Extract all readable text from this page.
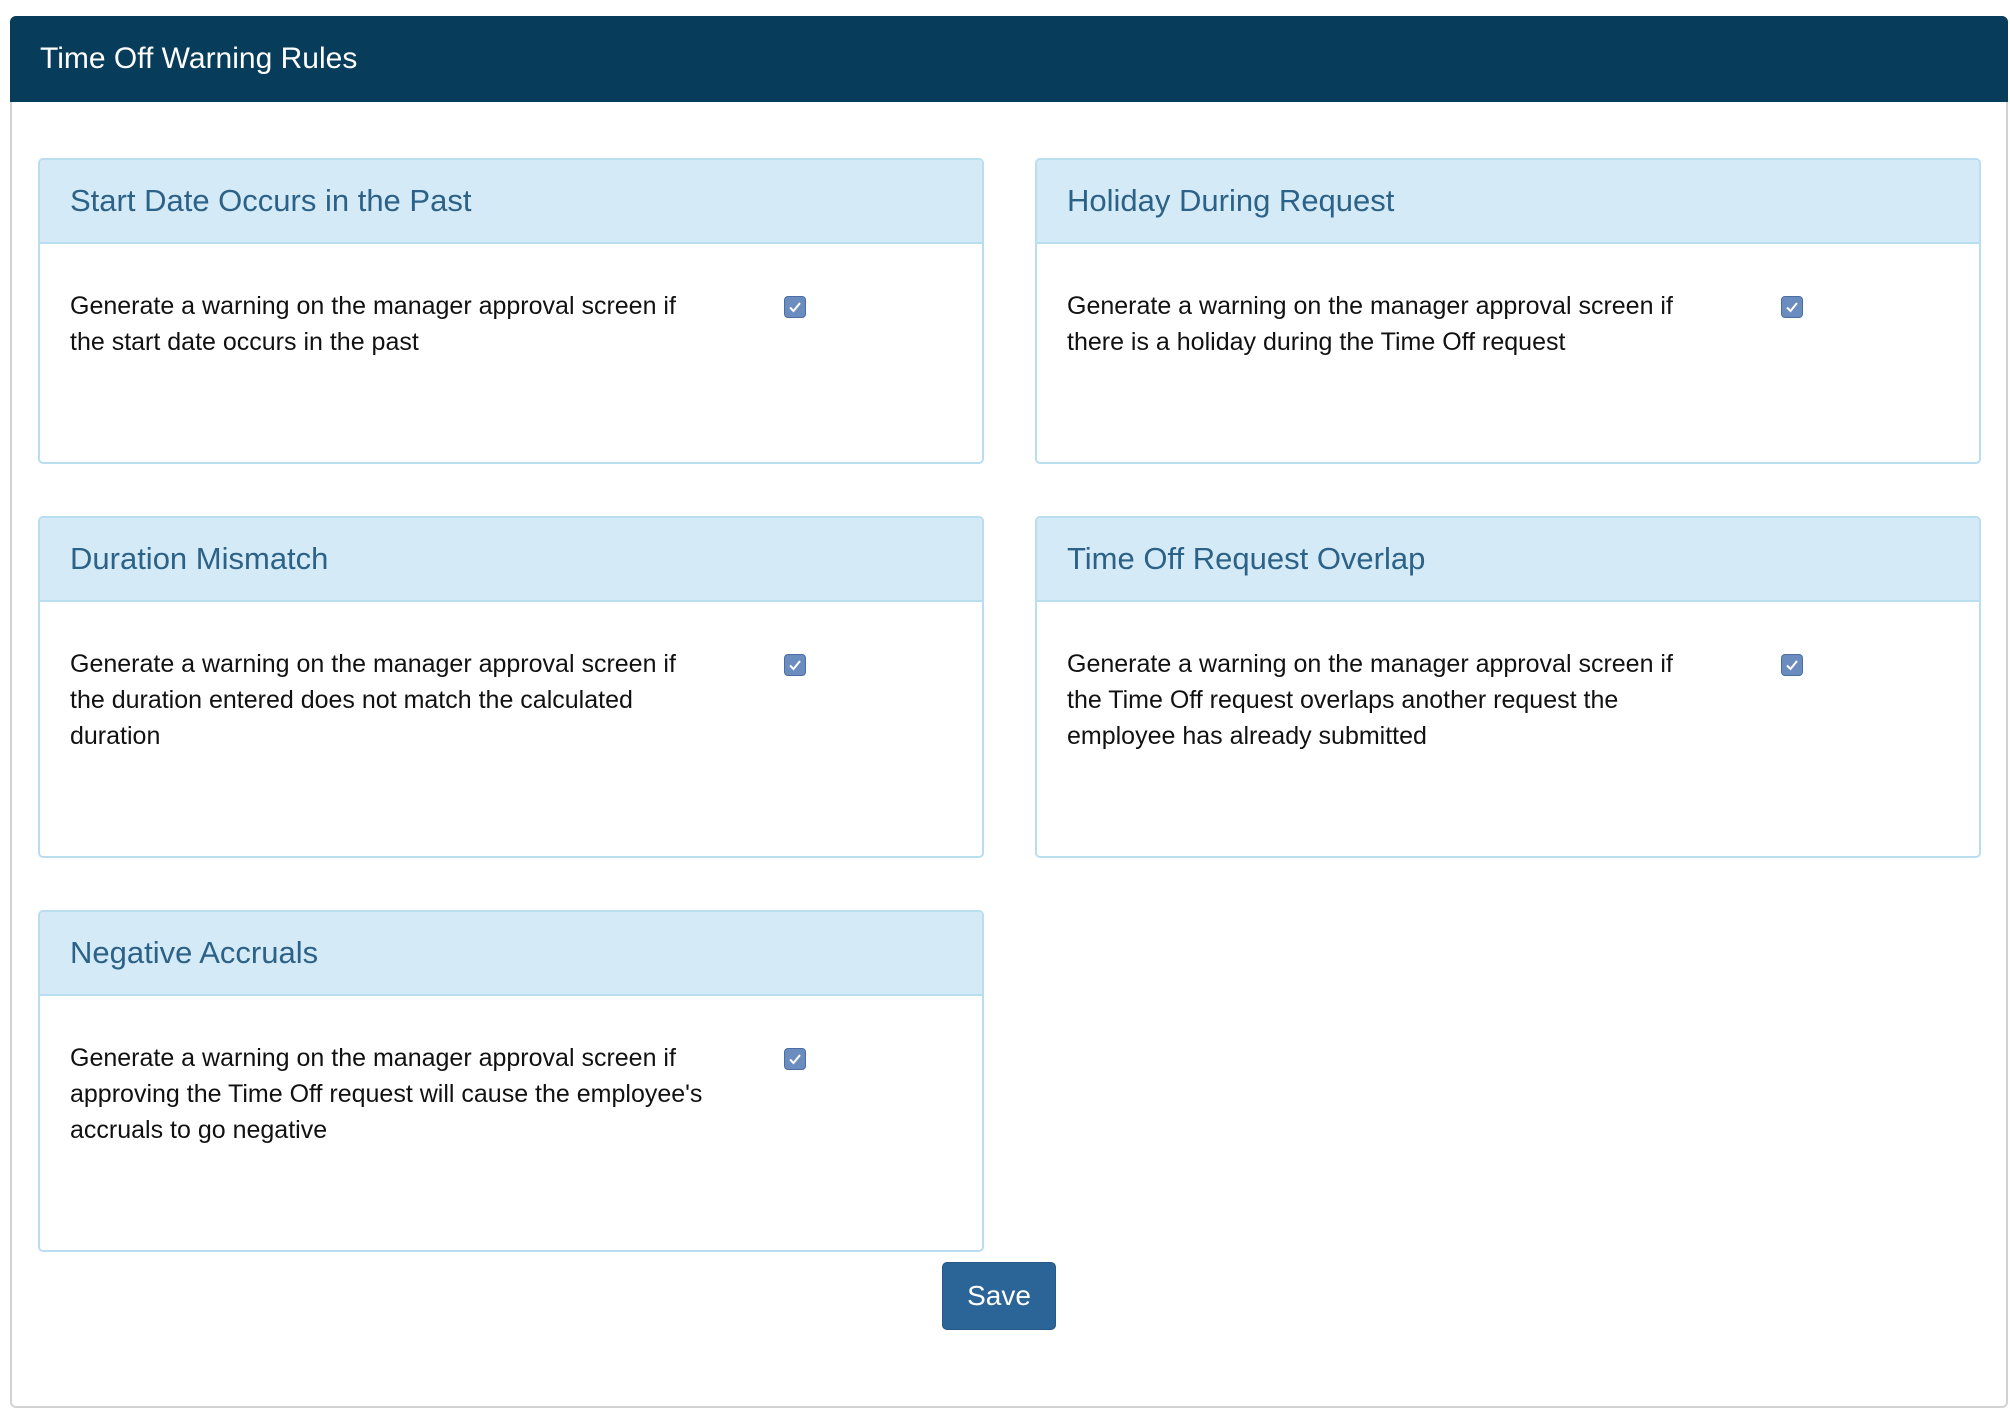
Time Off Warning Rules
Start Date Occurs in the Past
Generate a warning on the manager approval screen if the start date occurs in the past
Holiday During Request
Generate a warning on the manager approval screen if there is a holiday during the Time Off request
Duration Mismatch
Generate a warning on the manager approval screen if the duration entered does not match the calculated duration
Time Off Request Overlap
Generate a warning on the manager approval screen if the Time Off request overlaps another request the employee has already submitted
Negative Accruals
Generate a warning on the manager approval screen if approving the Time Off request will cause the employee's accruals to go negative
Save
